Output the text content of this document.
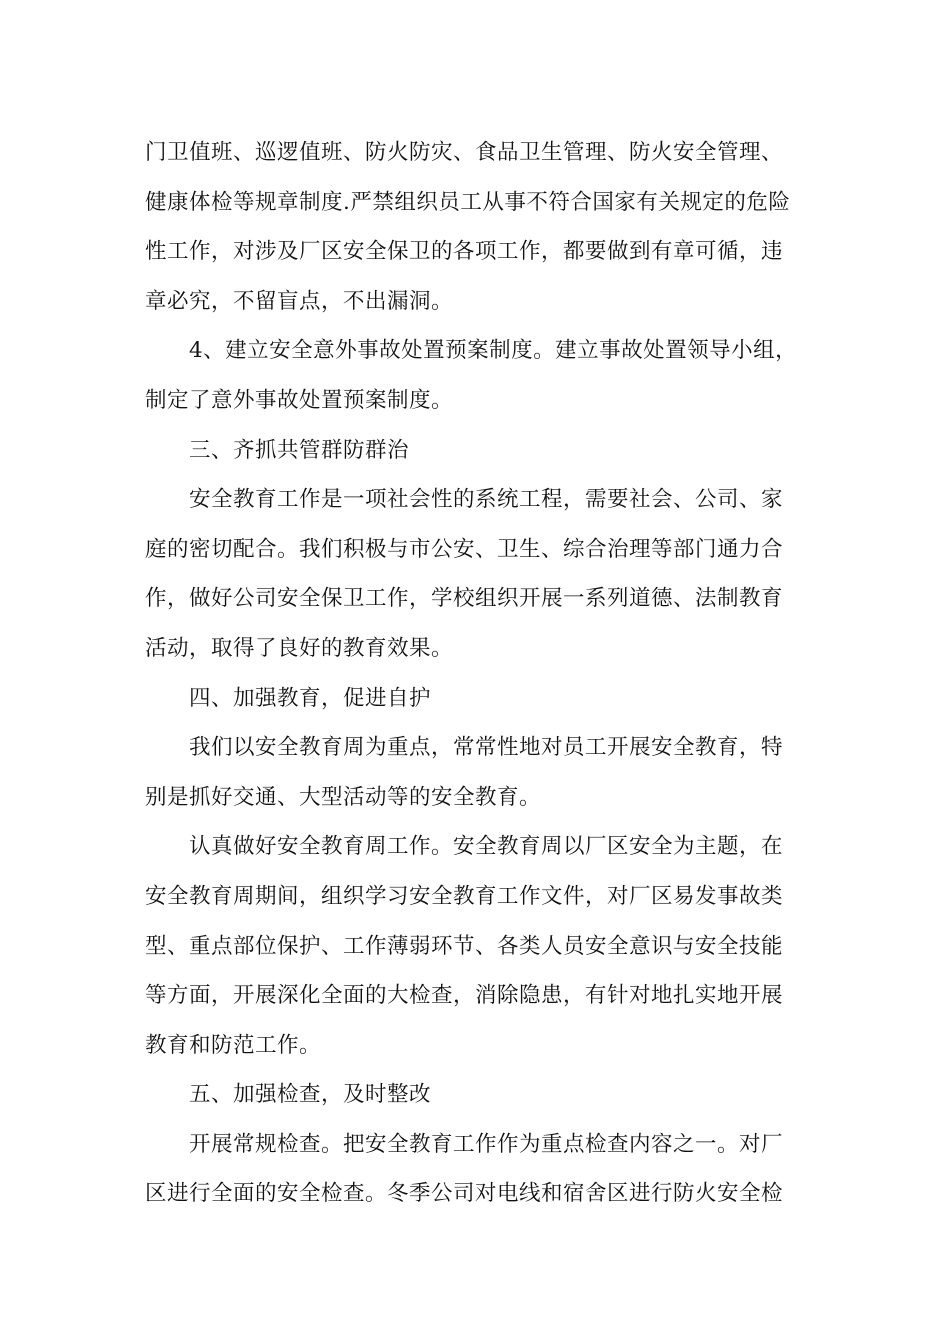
门卫值班、巡逻值班、防火防灾、食品卫生管理、防火安全管理、
健康体检等规章制度.严禁组织员工从事不符合国家有关规定的危险
性工作，对涉及厂区安全保卫的各项工作，都要做到有章可循，违
章必究，不留盲点，不出漏洞。
4、建立安全意外事故处置预案制度。建立事故处置领导小组，
制定了意外事故处置预案制度。
三、齐抓共管群防群治
安全教育工作是一项社会性的系统工程，需要社会、公司、家
庭的密切配合。我们积极与市公安、卫生、综合治理等部门通力合
作，做好公司安全保卫工作，学校组织开展一系列道德、法制教育
活动，取得了良好的教育效果。
四、加强教育，促进自护
我们以安全教育周为重点，常常性地对员工开展安全教育，特
别是抓好交通、大型活动等的安全教育。
认真做好安全教育周工作。安全教育周以厂区安全为主题，在
安全教育周期间，组织学习安全教育工作文件，对厂区易发事故类
型、重点部位保护、工作薄弱环节、各类人员安全意识与安全技能
等方面，开展深化全面的大检查，消除隐患，有针对地扎实地开展
教育和防范工作。
五、加强检查，及时整改
开展常规检查。把安全教育工作作为重点检查内容之一。对厂
区进行全面的安全检查。冬季公司对电线和宿舍区进行防火安全检
